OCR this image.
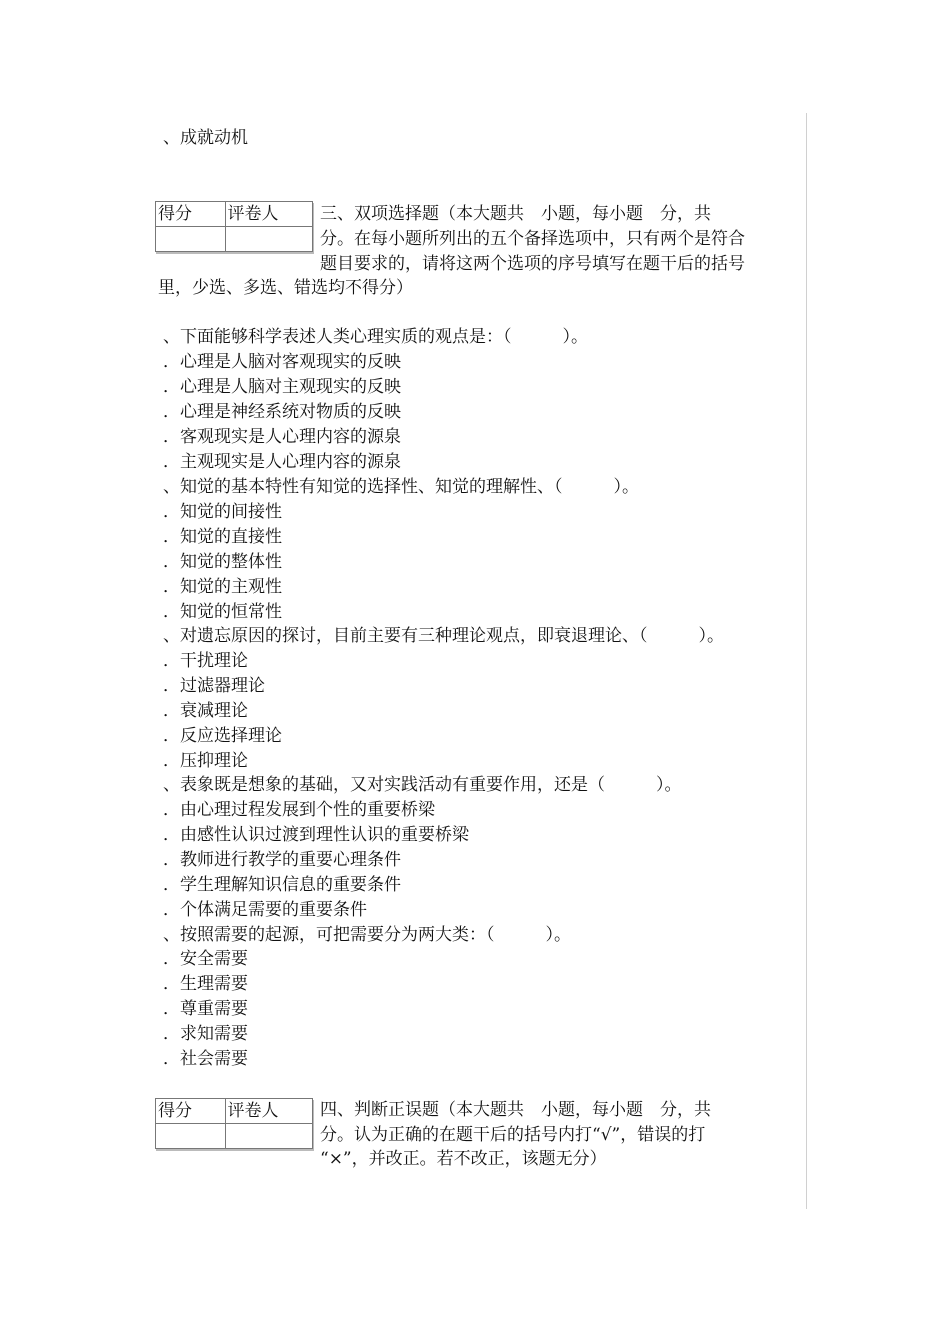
、成就动机
得分	评卷人
	三、双项选择题（本大题共　小题，每小题　分，共
分。在每小题所列出的五个备择选项中，只有两个是符合
题目要求的，请将这两个选项的序号填写在题干后的括号
里，少选、多选、错选均不得分）
、下面能够科学表述人类心理实质的观点是：（　　　）。
．心理是人脑对客观现实的反映
．心理是人脑对主观现实的反映
．心理是神经系统对物质的反映
．客观现实是人心理内容的源泉
．主观现实是人心理内容的源泉
、知觉的基本特性有知觉的选择性、知觉的理解性、（　　　）。
．知觉的间接性
．知觉的直接性
．知觉的整体性
．知觉的主观性
．知觉的恒常性
、对遗忘原因的探讨，目前主要有三种理论观点，即衰退理论、（　　　）。
．干扰理论
．过滤器理论
．衰减理论
．反应选择理论
．压抑理论
、表象既是想象的基础，又对实践活动有重要作用，还是（　　　）。
．由心理过程发展到个性的重要桥梁
．由感性认识过渡到理性认识的重要桥梁
．教师进行教学的重要心理条件
．学生理解知识信息的重要条件
．个体满足需要的重要条件
、按照需要的起源，可把需要分为两大类：（　　　）。
．安全需要
．生理需要
．尊重需要
．求知需要
．社会需要
得分	评卷人
	四、判断正误题（本大题共　小题，每小题　分，共
分。认为正确的在题干后的括号内打“√”，错误的打
“×”，并改正。若不改正，该题无分）
